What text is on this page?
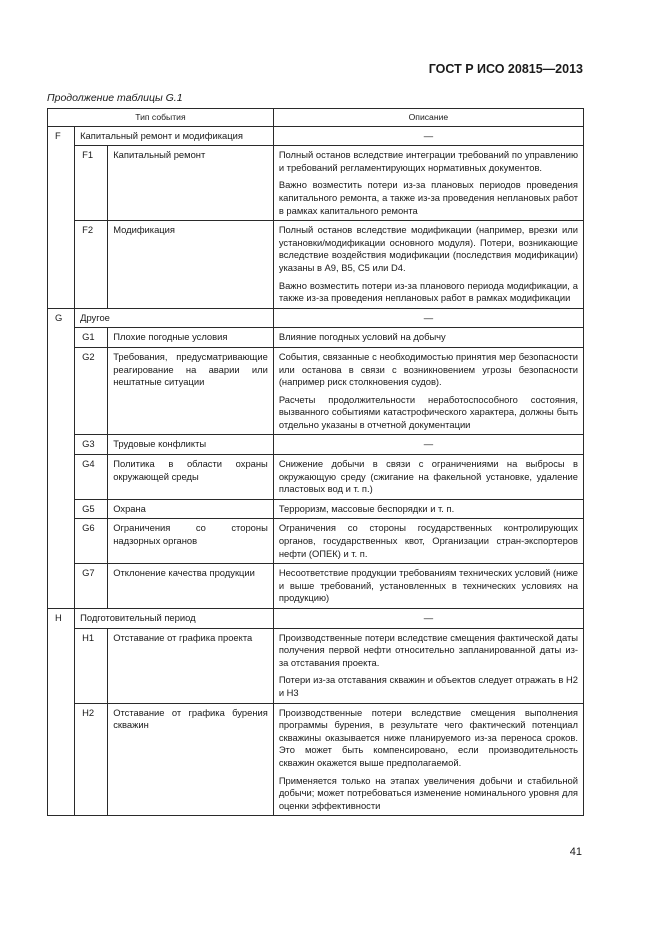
ГОСТ Р ИСО 20815—2013
Продолжение таблицы G.1
Тип события			Описание
F	Капитальный ремонт и модификация		—
	F1	Капитальный ремонт	Полный останов вследствие интеграции требований по управлению и требований регламентирующих нормативных документов.

Важно возместить потери из-за плановых периодов проведения капитального ремонта, а также из-за проведения неплановых работ в рамках капитального ремонта

	F2	Модификация	Полный останов вследствие модификации (например, врезки или установки/модификации основного модуля). Потери, возникающие вследствие воздействия модификации (последствия модификации) указаны в A9, B5, C5 или D4.

Важно возместить потери из-за планового периода модификации, а также из-за проведения неплановых работ в рамках модификации

G	Другое		—
	G1	Плохие погодные условия	Влияние погодных условий на добычу

	G2	Требования, предусматривающие реагирование на аварии или нештатные ситуации	События, связанные с необходимостью принятия мер безопасности или останова в связи с возникновением угрозы безопасности (например риск столкновения судов).

Расчеты продолжительности неработоспособного состояния, вызванного событиями катастрофического характера, должны быть отдельно указаны в отчетной документации

	G3	Трудовые конфликты	—

	G4	Политика в области охраны окружающей среды	Снижение добычи в связи с ограничениями на выбросы в окружающую среду (сжигание на факельной установке, удаление пластовых вод и т. п.)

	G5	Охрана	Терроризм, массовые беспорядки и т. п.

	G6	Ограничения со стороны надзорных органов	Ограничения со стороны государственных контролирующих органов, государственных квот, Организации стран-экспортеров нефти (ОПЕК) и т. п.

	G7	Отклонение качества продукции	Несоответствие продукции требованиям технических условий (ниже и выше требований, установленных в технических условиях на продукцию)

H	Подготовительный период		—
	H1	Отставание от графика проекта	Производственные потери вследствие смещения фактической даты получения первой нефти относительно запланированной даты из-за отставания проекта.

Потери из-за отставания скважин и объектов следует отражать в H2 и H3

	H2	Отставание от графика бурения скважин	Производственные потери вследствие смещения выполнения программы бурения, в результате чего фактический потенциал скважины оказывается ниже планируемого из-за переноса сроков. Это может быть компенсировано, если производительность скважин окажется выше предполагаемой.

Применяется только на этапах увеличения добычи и стабильной добычи; может потребоваться изменение номинального уровня для оценки эффективности

41
